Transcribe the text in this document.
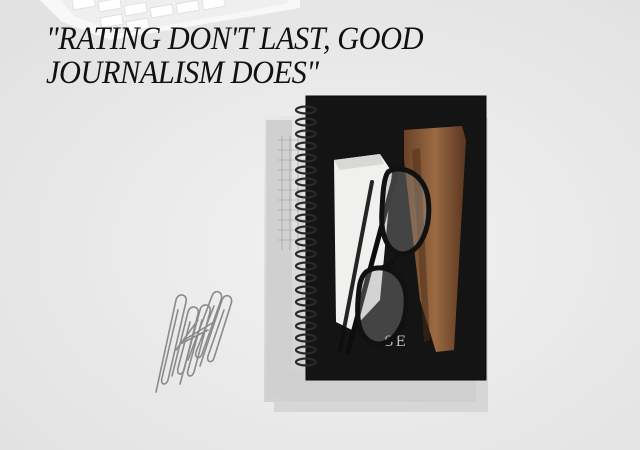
SE
"RATING DON'T LAST, GOOD
JOURNALISM DOES"
